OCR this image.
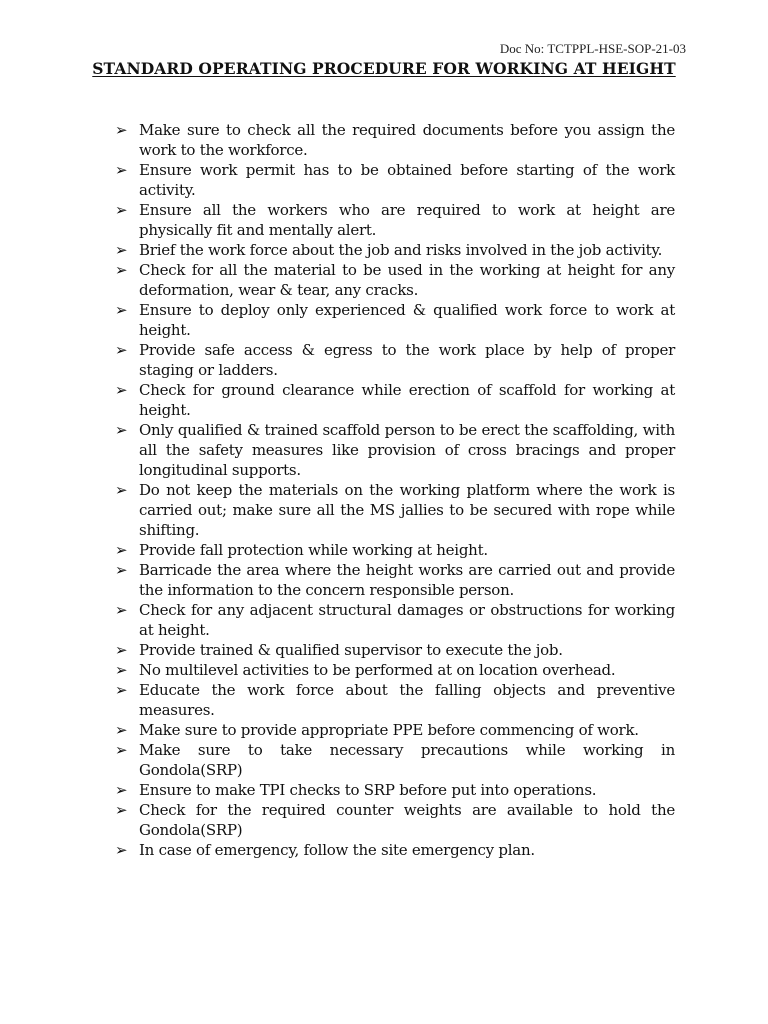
Doc No: TCTPPL-HSE-SOP-21-03
STANDARD OPERATING PROCEDURE FOR WORKING AT HEIGHT
➢ Make sure to check all the required documents before you assign the work to the workforce.
➢ Ensure work permit has to be obtained before starting of the work activity.
➢ Ensure all the workers who are required to work at height are physically fit and mentally alert.
➢ Brief the work force about the job and risks involved in the job activity.
➢ Check for all the material to be used in the working at height for any deformation, wear & tear, any cracks.
➢ Ensure to deploy only experienced & qualified work force to work at height.
➢ Provide safe access & egress to the work place by help of proper staging or ladders.
➢ Check for ground clearance while erection of scaffold for working at height.
➢ Only qualified & trained scaffold person to be erect the scaffolding, with all the safety measures like provision of cross bracings and proper longitudinal supports.
➢ Do not keep the materials on the working platform where the work is carried out; make sure all the MS jallies to be secured with rope while shifting.
➢ Provide fall protection while working at height.
➢ Barricade the area where the height works are carried out and provide the information to the concern responsible person.
➢ Check for any adjacent structural damages or obstructions for working at height.
➢ Provide trained & qualified supervisor to execute the job.
➢ No multilevel activities to be performed at on location overhead.
➢ Educate the work force about the falling objects and preventive measures.
➢ Make sure to provide appropriate PPE before commencing of work.
➢ Make sure to take necessary precautions while working in Gondola(SRP)
➢ Ensure to make TPI checks to SRP before put into operations.
➢ Check for the required counter weights are available to hold the Gondola(SRP)
➢ In case of emergency, follow the site emergency plan.
